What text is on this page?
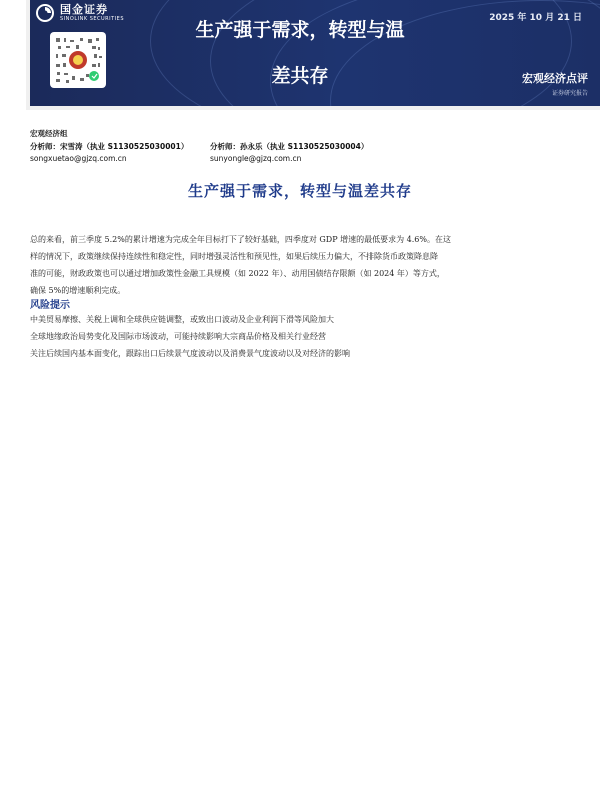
国金证券
SINOLINK SECURITIES	生产强于需求，转型与温
差共存
2025 年 10 月 21 日
宏观经济点评
证券研究报告
宏观经济组
分析师：宋雪涛（执业 S1130525030001）	分析师：孙永乐（执业 S1130525030004）
songxuetao@gjzq.com.cn	sunyongle@gjzq.com.cn
生产强于需求，转型与温差共存
总的来看，前三季度 5.2%的累计增速为完成全年目标打下了较好基础，四季度对 GDP 增速的最低要求为 4.6%。在这
样的情况下，政策继续保持连续性和稳定性，同时增强灵活性和预见性，如果后续压力偏大，不排除货币政策降息降
准的可能，财政政策也可以通过增加政策性金融工具规模（如 2022 年）、动用国债结存限额（如 2024 年）等方式，
确保 5%的增速顺利完成。
风险提示
中美贸易摩擦、关税上调和全球供应链调整，或致出口波动及企业利润下滑等风险加大
全球地缘政治局势变化及国际市场波动，可能持续影响大宗商品价格及相关行业经营
关注后续国内基本面变化，跟踪出口后续景气度波动以及消费景气度波动以及对经济的影响
